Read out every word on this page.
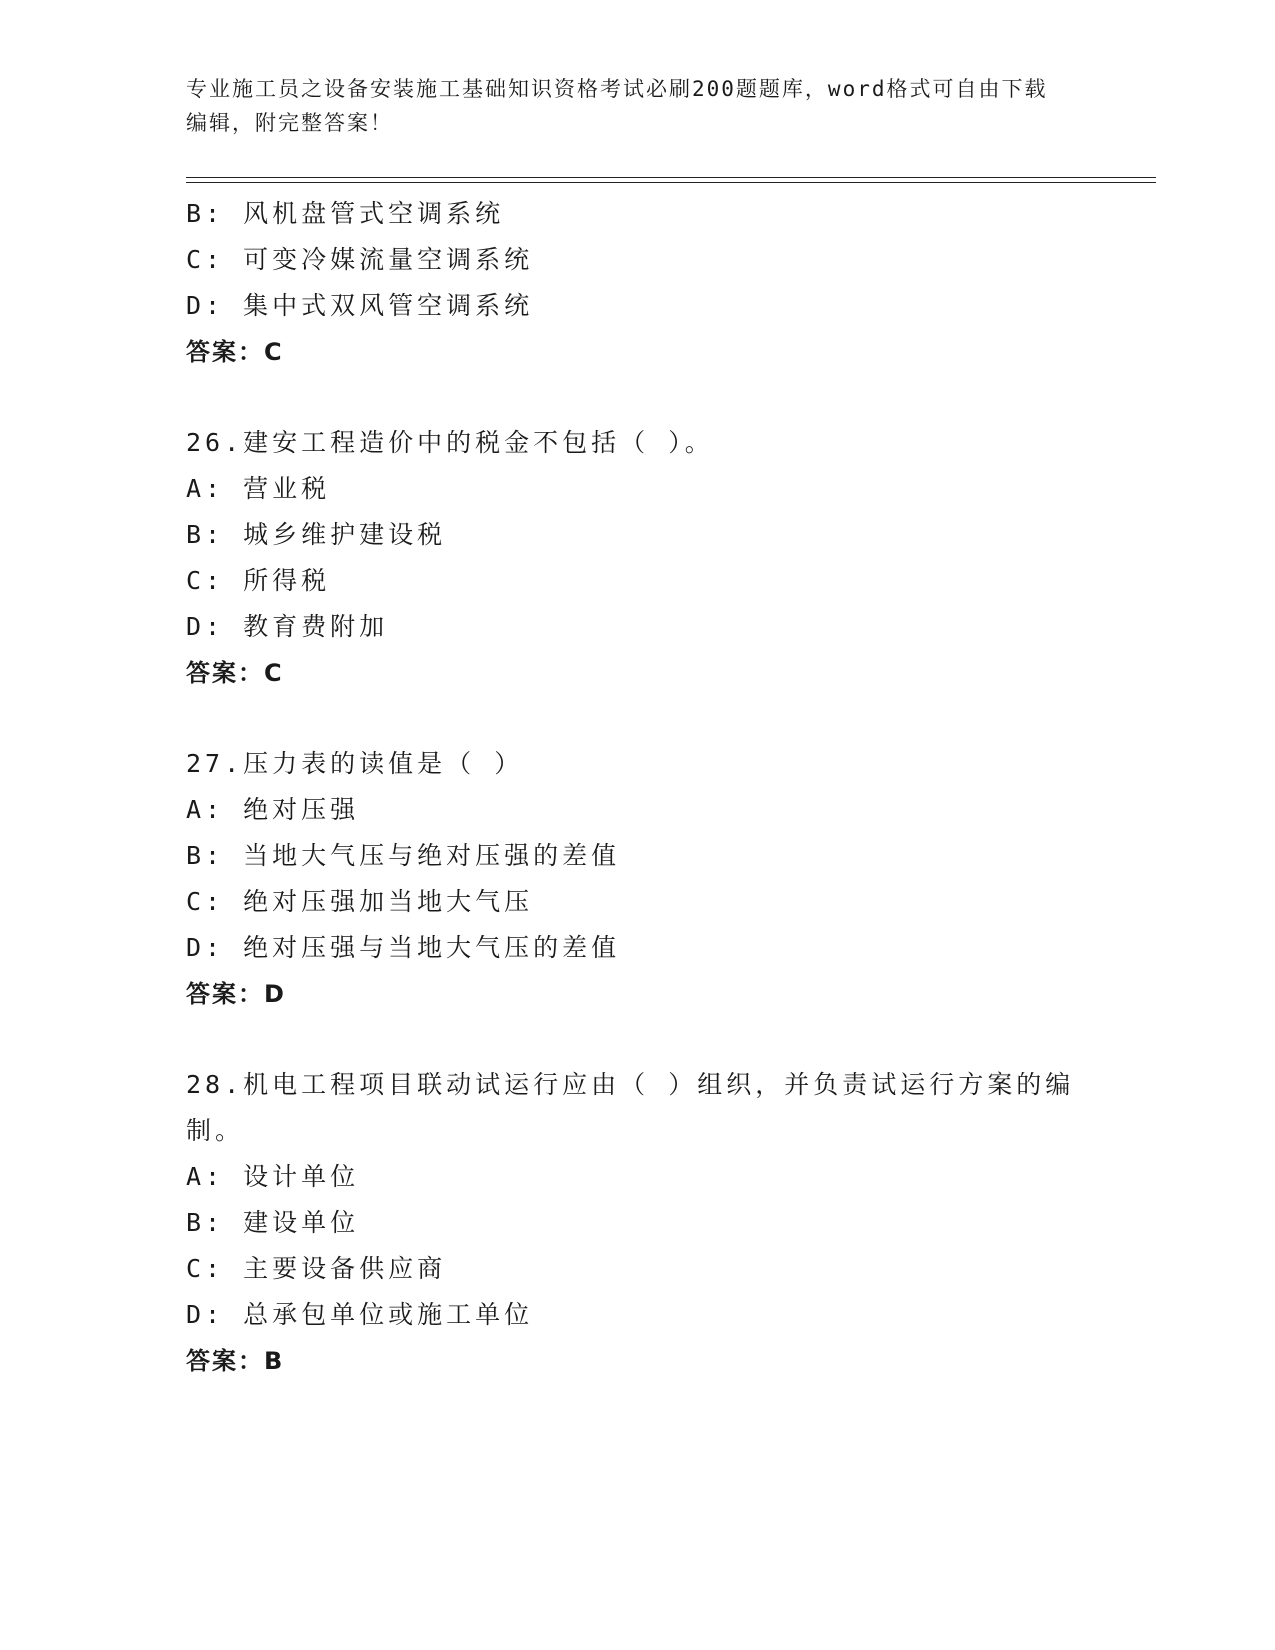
专业施工员之设备安装施工基础知识资格考试必刷200题题库，word格式可自由下载编辑，附完整答案！
B: 风机盘管式空调系统
C: 可变冷媒流量空调系统
D: 集中式双风管空调系统
答案：C
26.建安工程造价中的税金不包括（ ）。
A: 营业税
B: 城乡维护建设税
C: 所得税
D: 教育费附加
答案：C
27.压力表的读值是（ ）
A: 绝对压强
B: 当地大气压与绝对压强的差值
C: 绝对压强加当地大气压
D: 绝对压强与当地大气压的差值
答案：D
28.机电工程项目联动试运行应由（ ）组织，并负责试运行方案的编制。
A: 设计单位
B: 建设单位
C: 主要设备供应商
D: 总承包单位或施工单位
答案：B
